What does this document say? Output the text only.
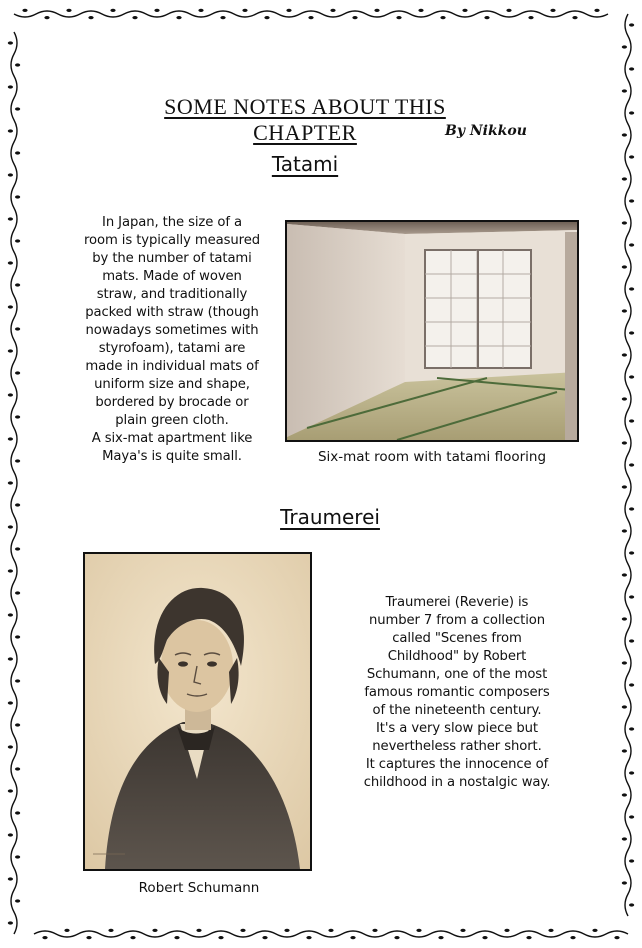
SOME NOTES ABOUT THIS CHAPTER	By Nikkou
Tatami
In Japan, the size of a
room is typically measured
by the number of tatami
mats. Made of woven
straw, and traditionally
packed with straw (though
nowadays sometimes with
styrofoam), tatami are
made in individual mats of
uniform size and shape,
bordered by brocade or
plain green cloth.
A six-mat apartment like
Maya's is quite small.	Six-mat room with tatami flooring
Traumerei
Robert Schumann
Traumerei (Reverie) is
number 7 from a collection
called "Scenes from
Childhood" by Robert
Schumann, one of the most
famous romantic composers
of the nineteenth century.
It's a very slow piece but
nevertheless rather short.
It captures the innocence of
childhood in a nostalgic way.
